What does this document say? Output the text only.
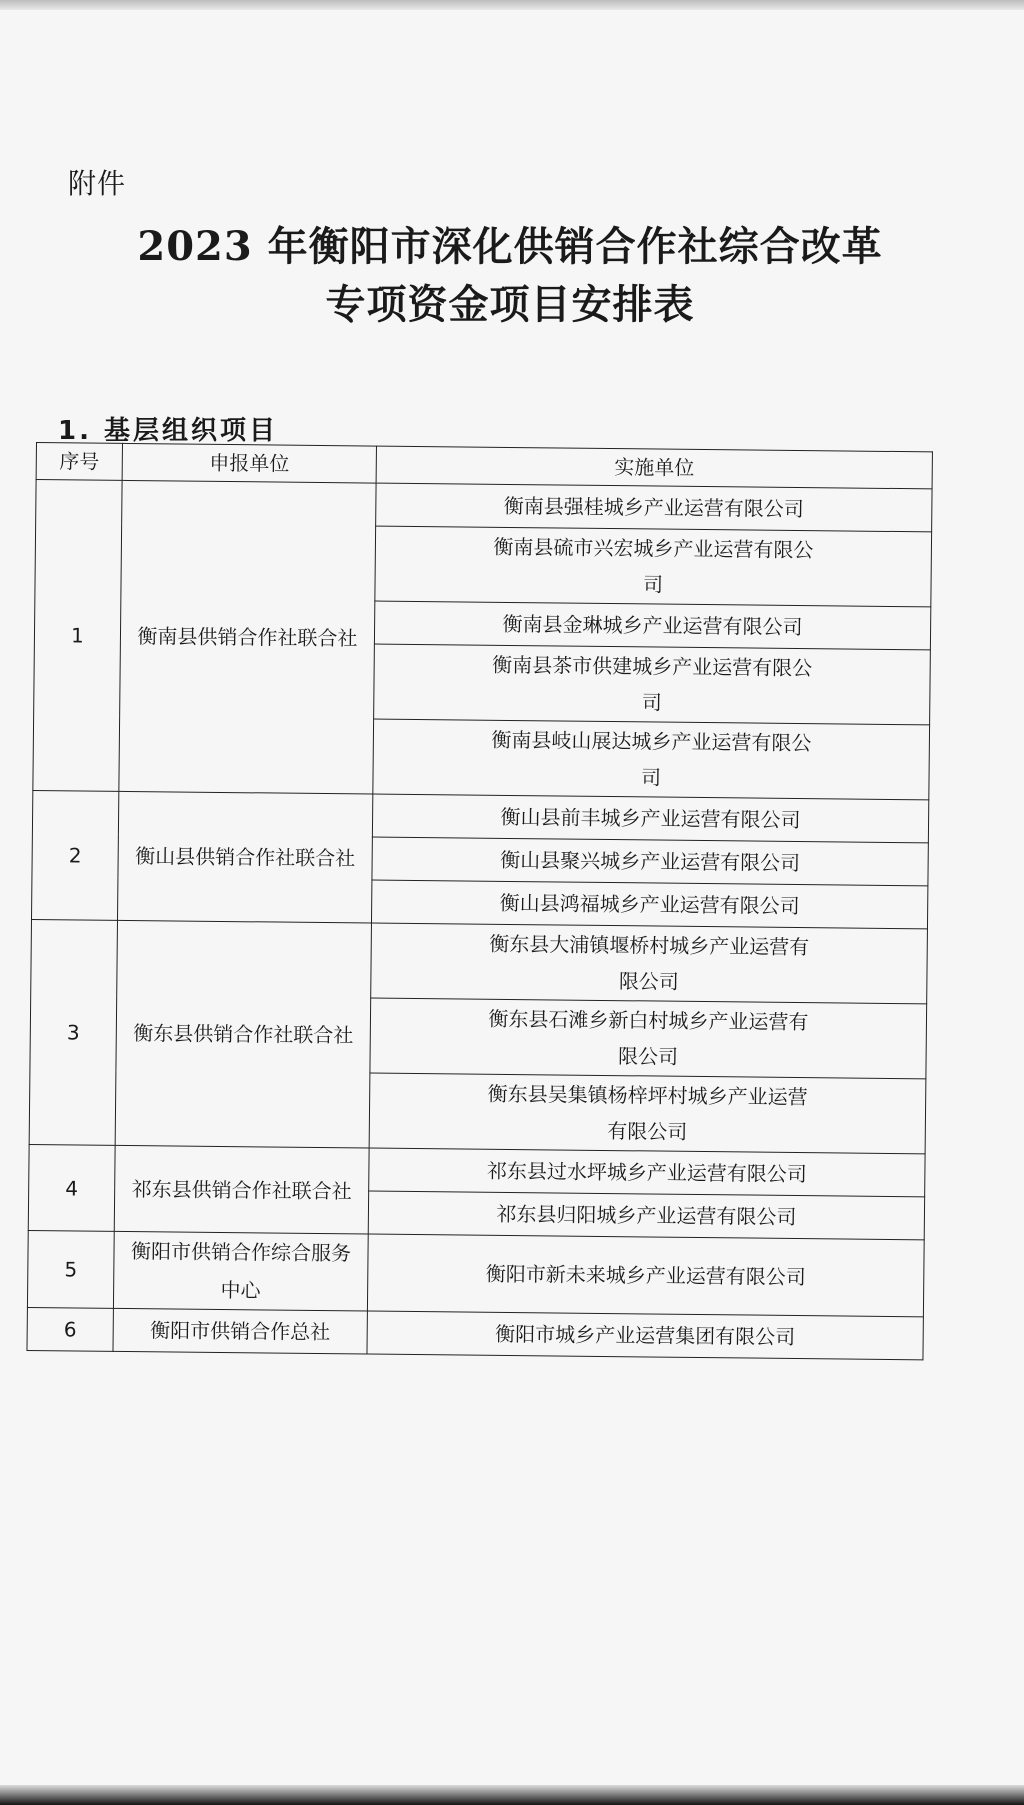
附件
2023 年衡阳市深化供销合作社综合改革
专项资金项目安排表
1. 基层组织项目
序号	申报单位	实施单位
1	衡南县供销合作社联合社	衡南县强桂城乡产业运营有限公司

		衡南县硫市兴宏城乡产业运营有限公司

		衡南县金琳城乡产业运营有限公司

		衡南县茶市供建城乡产业运营有限公司

		衡南县岐山展达城乡产业运营有限公司

2	衡山县供销合作社联合社	衡山县前丰城乡产业运营有限公司

		衡山县聚兴城乡产业运营有限公司

		衡山县鸿福城乡产业运营有限公司

3	衡东县供销合作社联合社	衡东县大浦镇堰桥村城乡产业运营有限公司

		衡东县石滩乡新白村城乡产业运营有限公司

		衡东县吴集镇杨梓坪村城乡产业运营有限公司

4	祁东县供销合作社联合社	祁东县过水坪城乡产业运营有限公司

		祁东县归阳城乡产业运营有限公司

5	衡阳市供销合作综合服务中心	衡阳市新未来城乡产业运营有限公司

6	衡阳市供销合作总社	衡阳市城乡产业运营集团有限公司
